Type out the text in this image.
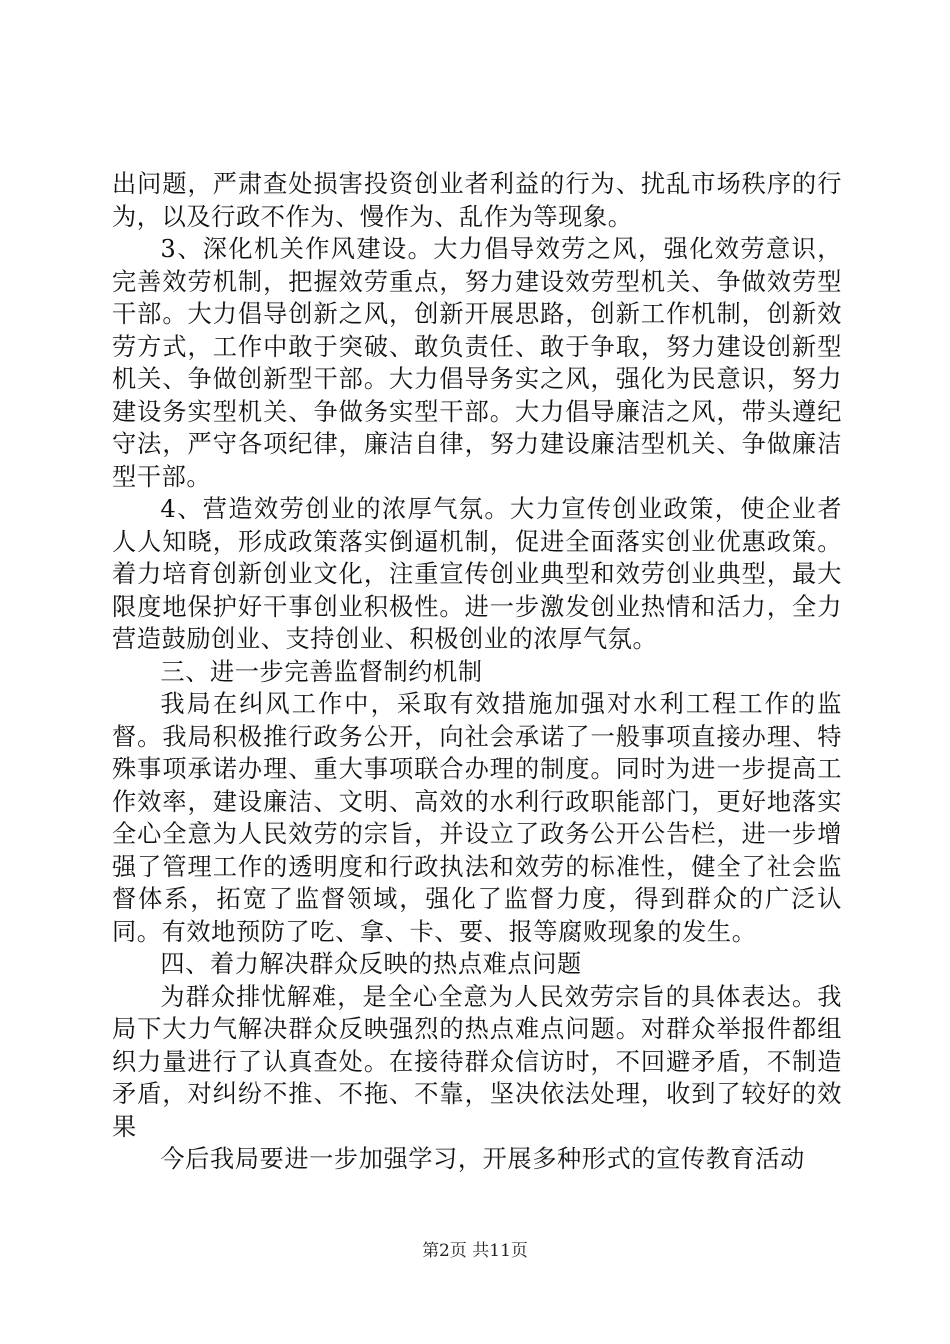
出问题，严肃查处损害投资创业者利益的行为、扰乱市场秩序的行为，以及行政不作为、慢作为、乱作为等现象。

3、深化机关作风建设。大力倡导效劳之风，强化效劳意识，完善效劳机制，把握效劳重点，努力建设效劳型机关、争做效劳型干部。大力倡导创新之风，创新开展思路，创新工作机制，创新效劳方式，工作中敢于突破、敢负责任、敢于争取，努力建设创新型机关、争做创新型干部。大力倡导务实之风，强化为民意识，努力建设务实型机关、争做务实型干部。大力倡导廉洁之风，带头遵纪守法，严守各项纪律，廉洁自律，努力建设廉洁型机关、争做廉洁型干部。

4、营造效劳创业的浓厚气氛。大力宣传创业政策，使企业者人人知晓，形成政策落实倒逼机制，促进全面落实创业优惠政策。着力培育创新创业文化，注重宣传创业典型和效劳创业典型，最大限度地保护好干事创业积极性。进一步激发创业热情和活力，全力营造鼓励创业、支持创业、积极创业的浓厚气氛。

三、进一步完善监督制约机制

我局在纠风工作中，采取有效措施加强对水利工程工作的监督。我局积极推行政务公开，向社会承诺了一般事项直接办理、特殊事项承诺办理、重大事项联合办理的制度。同时为进一步提高工作效率，建设廉洁、文明、高效的水利行政职能部门，更好地落实全心全意为人民效劳的宗旨，并设立了政务公开公告栏，进一步增强了管理工作的透明度和行政执法和效劳的标准性，健全了社会监督体系，拓宽了监督领域，强化了监督力度，得到群众的广泛认同。有效地预防了吃、拿、卡、要、报等腐败现象的发生。

四、着力解决群众反映的热点难点问题

为群众排忧解难，是全心全意为人民效劳宗旨的具体表达。我局下大力气解决群众反映强烈的热点难点问题。对群众举报件都组织力量进行了认真查处。在接待群众信访时，不回避矛盾，不制造矛盾，对纠纷不推、不拖、不靠，坚决依法处理，收到了较好的效果

今后我局要进一步加强学习，开展多种形式的宣传教育活动

第2页 共11页
